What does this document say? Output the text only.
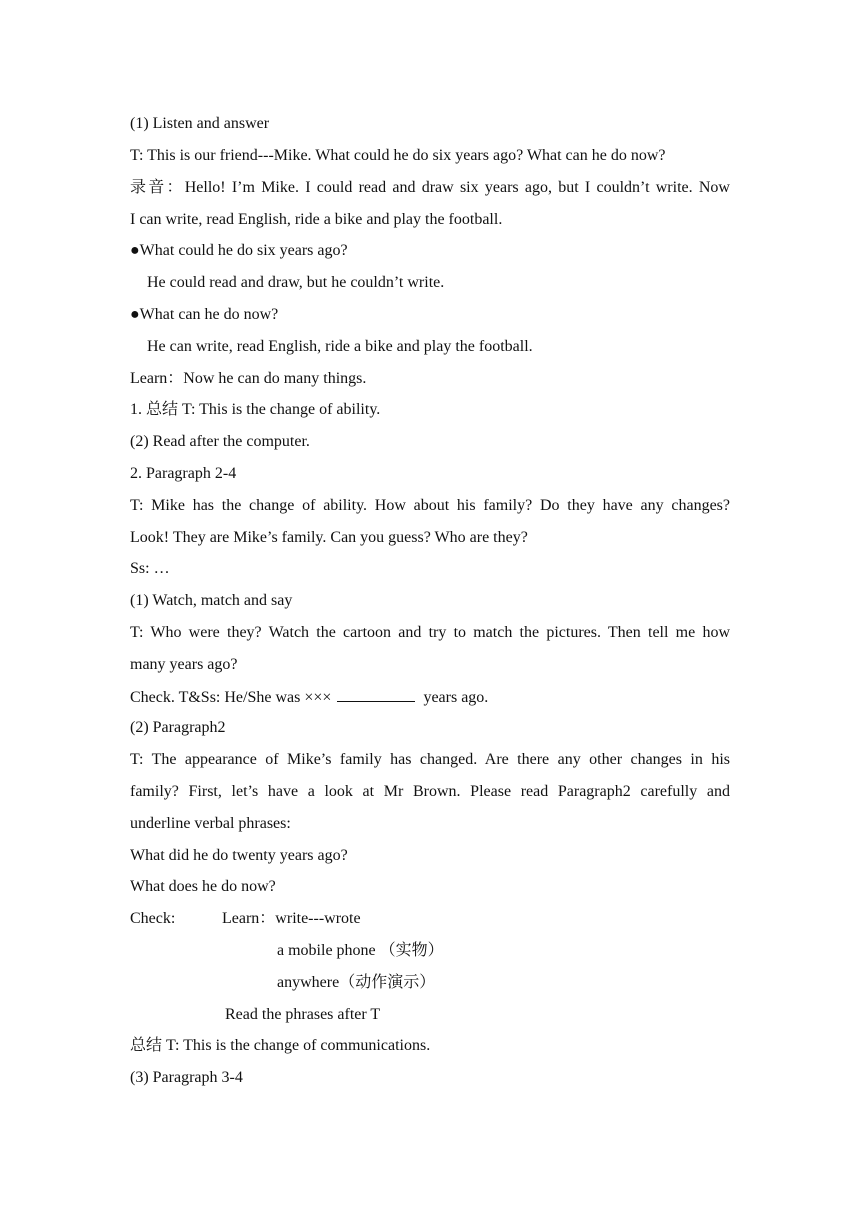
(1) Listen and answer
T: This is our friend---Mike. What could he do six years ago? What can he do now?
录音：Hello! I’m Mike. I could read and draw six years ago, but I couldn’t write. Now
I can write, read English, ride a bike and play the football.
●What could he do six years ago?
He could read and draw, but he couldn’t write.
●What can he do now?
He can write, read English, ride a bike and play the football.
Learn：Now he can do many things.
1. 总结 T: This is the change of ability.
(2) Read after the computer.
2. Paragraph 2-4
T: Mike has the change of ability. How about his family? Do they have any changes?
Look! They are Mike’s family. Can you guess? Who are they?
Ss: …
(1) Watch, match and say
T: Who were they? Watch the cartoon and try to match the pictures. Then tell me how
many years ago?
Check. T&Ss: He/She was ×××	years ago.
(2) Paragraph2
T: The appearance of Mike’s family has changed. Are there any other changes in his
family? First, let’s have a look at Mr Brown. Please read Paragraph2 carefully and
underline verbal phrases:
What did he do twenty years ago?
What does he do now?
Check:	Learn：write---wrote
a mobile phone （实物）
anywhere（动作演示）
Read the phrases after T
总结 T: This is the change of communications.
(3) Paragraph 3-4
